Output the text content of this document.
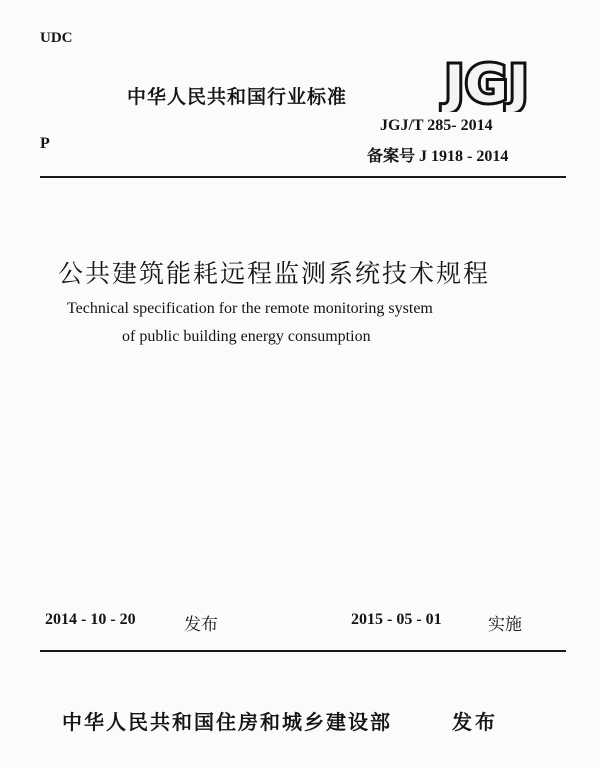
UDC
中华人民共和国行业标准 JGJ
P
JGJ/T 285- 2014
备案号 J 1918 - 2014
公共建筑能耗远程监测系统技术规程
Technical specification for the remote monitoring system
of public building energy consumption
2014 - 10 - 20	发布	2015 - 05 - 01	实施
中华人民共和国住房和城乡建设部	发布
